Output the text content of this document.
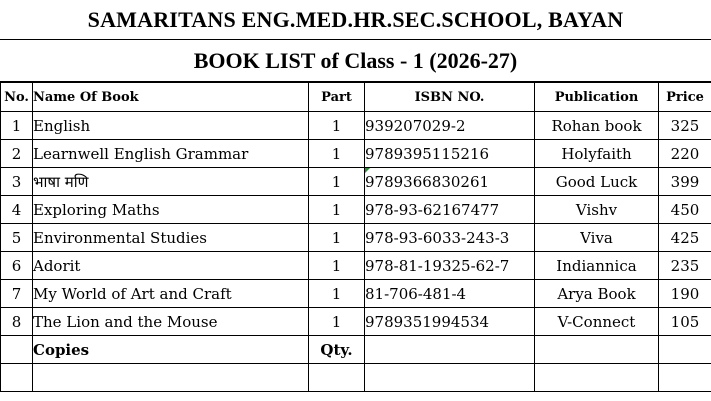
SAMARITANS ENG.MED.HR.SEC.SCHOOL, BAYAN
BOOK LIST of Class - 1 (2026-27)
No.	Name Of Book	Part	ISBN NO.	Publication	Price
1	English	1	939207029-2	Rohan book	325
2	Learnwell English Grammar	1	9789395115216	Holyfaith	220
3	भाषा मणि	1	9789366830261	Good Luck	399
4	Exploring Maths	1	978-93-62167477	Vishv	450
5	Environmental Studies	1	978-93-6033-243-3	Viva	425
6	Adorit	1	978-81-19325-62-7	Indiannica	235
7	My World of Art and Craft	1	81-706-481-4	Arya Book	190
8	The Lion and the Mouse	1	9789351994534	V-Connect	105
	Copies	Qty.			
